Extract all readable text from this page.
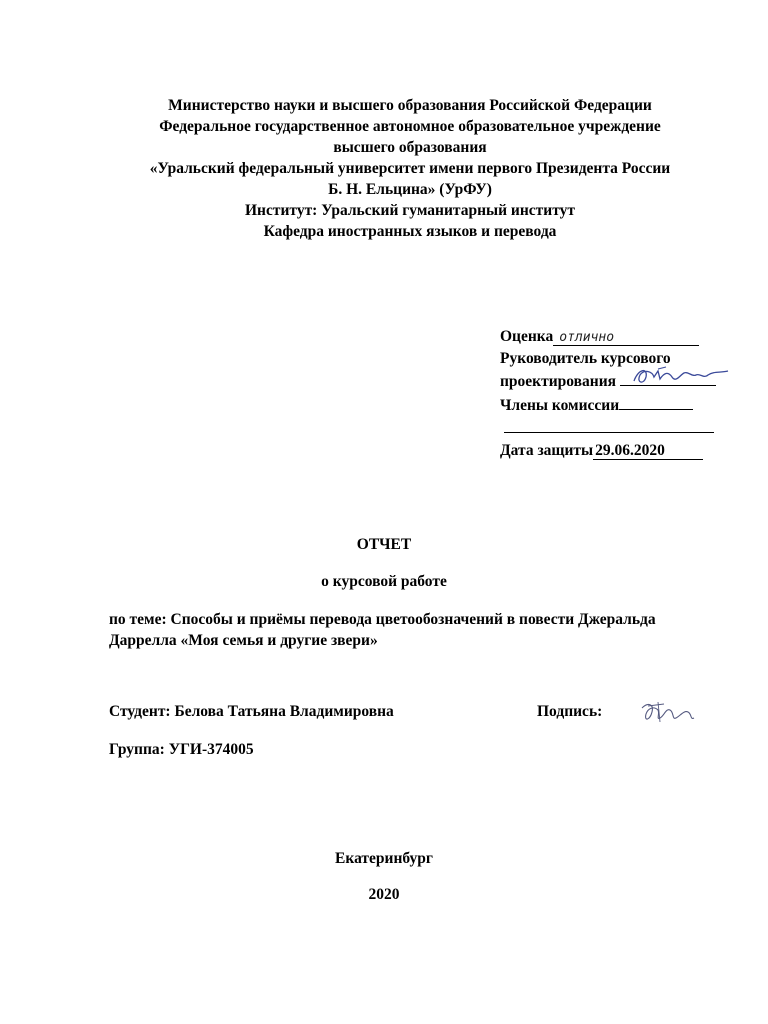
Министерство науки и высшего образования Российской Федерации
Федеральное государственное автономное образовательное учреждение
высшего образования
«Уральский федеральный университет имени первого Президента России
Б. Н. Ельцина» (УрФУ)
Институт: Уральский гуманитарный институт
Кафедра иностранных языков и перевода
Оценка отлично
Руководитель курсового
проектирования
Члены комиссии
Дата защиты 29.06.2020
ОТЧЕТ
о курсовой работе
по теме: Способы и приёмы перевода цветообозначений в повести Джеральда
Даррелла «Моя семья и другие звери»
Студент: Белова Татьяна Владимировна	Подпись:
Группа: УГИ-374005
Екатеринбург
2020
